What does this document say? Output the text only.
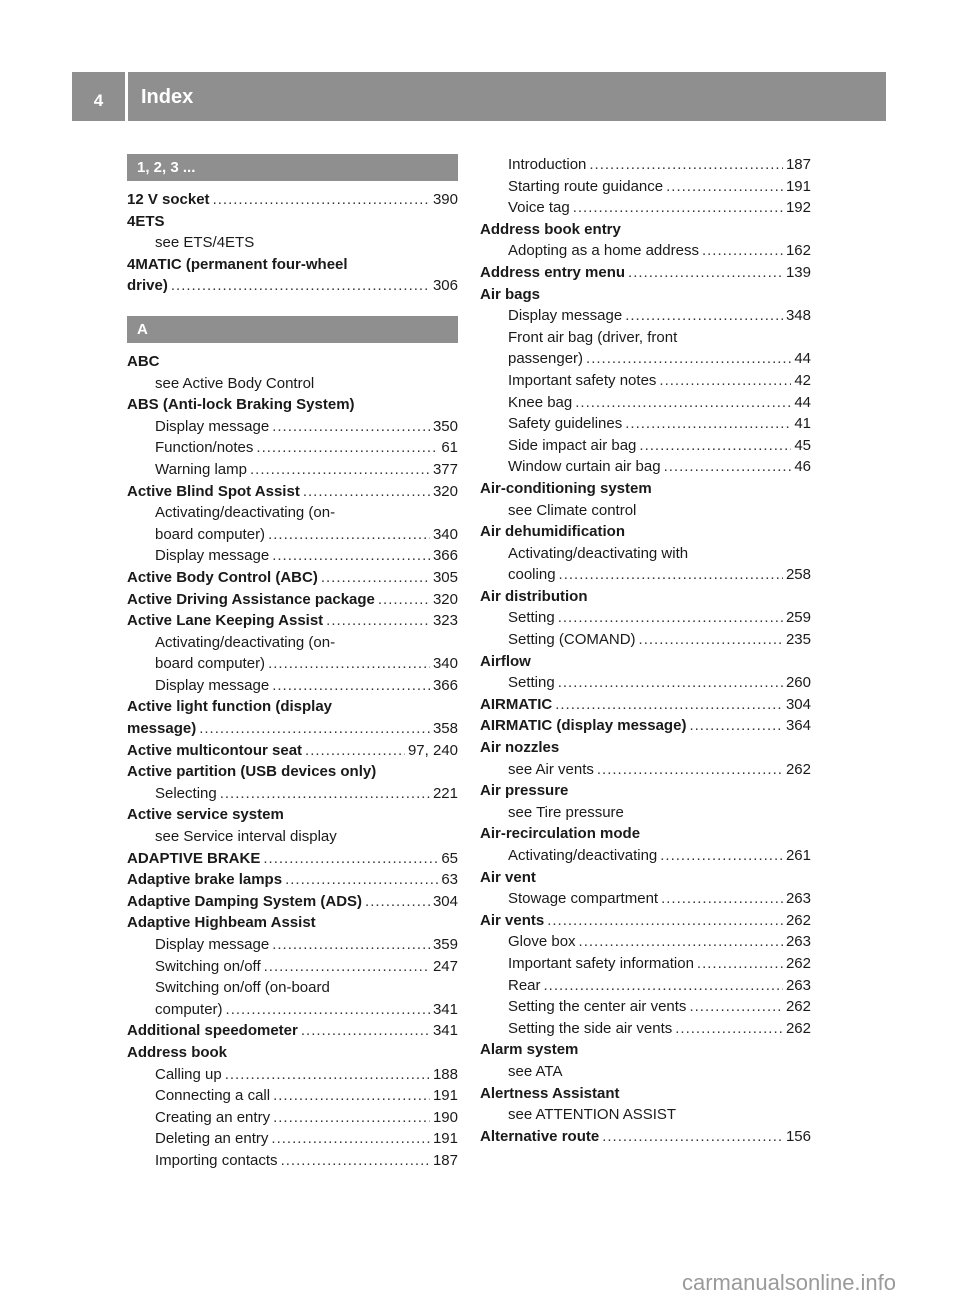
4	Index
1, 2, 3 ...
12 V socket .....	390
4ETS
see ETS/4ETS
4MATIC (permanent four-wheel
drive) .....	306
A
ABC
see Active Body Control
ABS (Anti-lock Braking System)
Display message .....	350
Function/notes .....	61
Warning lamp .....	377
Active Blind Spot Assist .....	320
Activating/deactivating (on-
board computer) .....	340
Display message .....	366
Active Body Control (ABC) .....	305
Active Driving Assistance package .....	320
Active Lane Keeping Assist .....	323
Activating/deactivating (on-
board computer) .....	340
Display message .....	366
Active light function (display
message) .....	358
Active multicontour seat .....	97, 240
Active partition (USB devices only)
Selecting .....	221
Active service system
see Service interval display
ADAPTIVE BRAKE .....	65
Adaptive brake lamps .....	63
Adaptive Damping System (ADS) .....	304
Adaptive Highbeam Assist
Display message .....	359
Switching on/off .....	247
Switching on/off (on-board
computer) .....	341
Additional speedometer .....	341
Address book
Calling up .....	188
Connecting a call .....	191
Creating an entry .....	190
Deleting an entry .....	191
Importing contacts .....	187
Introduction .....	187
Starting route guidance .....	191
Voice tag .....	192
Address book entry
Adopting as a home address .....	162
Address entry menu .....	139
Air bags
Display message .....	348
Front air bag (driver, front
passenger) .....	44
Important safety notes .....	42
Knee bag .....	44
Safety guidelines .....	41
Side impact air bag .....	45
Window curtain air bag .....	46
Air-conditioning system
see Climate control
Air dehumidification
Activating/deactivating with
cooling .....	258
Air distribution
Setting .....	259
Setting (COMAND) .....	235
Airflow
Setting .....	260
AIRMATIC .....	304
AIRMATIC (display message) .....	364
Air nozzles
see Air vents .....	262
Air pressure
see Tire pressure
Air-recirculation mode
Activating/deactivating .....	261
Air vent
Stowage compartment .....	263
Air vents .....	262
Glove box .....	263
Important safety information .....	262
Rear .....	263
Setting the center air vents .....	262
Setting the side air vents .....	262
Alarm system
see ATA
Alertness Assistant
see ATTENTION ASSIST
Alternative route .....	156
carmanualsonline.info
